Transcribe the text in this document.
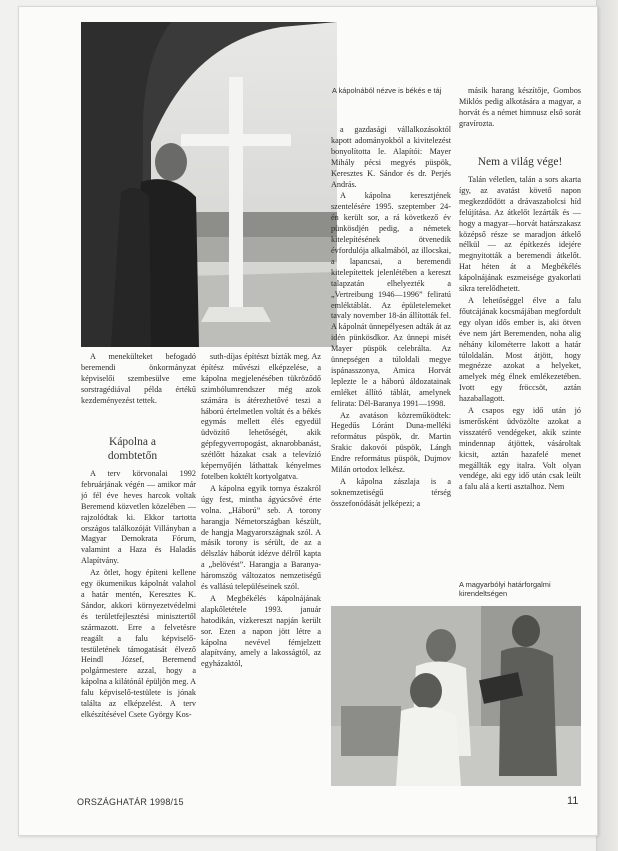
A kápolnából nézve is békés e táj

A menekülteket befogadó beremendi önkormányzat képviselői szembesülve eme sorstragédiával példa értékű kezdeményezést tettek.

Kápolna a dombtetőn

A terv körvonalai 1992 februárjának végén — amikor már jó fél éve heves harcok voltak Beremend közvetlen közelében — rajzolódtak ki. Ekkor tartotta országos találkozóját Villányban a Magyar Demokrata Fórum, valamint a Haza és Haladás Alapítvány.

Az ötlet, hogy építeni kellene egy ökumenikus kápolnát valahol a határ mentén, Keresztes K. Sándor, akkori környezetvédelmi és területfejlesztési minisztertől származott. Erre a felvetésre reagált a falu képviselő-testületének támogatását élvező Heindl József, Beremend polgármestere azzal, hogy a kápolna a kilátónál épüljön meg. A falu képviselő-testülete is jónak találta az elképzelést. A terv elkészítésével Csete György Kos-

suth-díjas építészt bízták meg. Az építész művészi elképzelése, a kápolna megjelenésében tükröződő szimbólumrendszer még azok számára is átérezhetővé teszi a háború értelmetlen voltát és a békés egymás mellett élés egyedül üdvözítő lehetőségét, akik gépfegyverropogást, aknarobbanást, szétlőtt házakat csak a televízió képernyőjén láthattak kényelmes fotelben koktélt kortyolgatva.

A kápolna egyik tornya északról úgy fest, mintha ágyúcsővé érte volna. „Háború” seb. A torony harangja Németországban készült, de hangja Magyarországnak szól. A másik torony is sérült, de az a délszláv háborút idézve délről kapta a „belövést”. Harangja a Baranya-háromszög változatos nemzetiségű és vallású településeinek szól.

A Megbékélés kápolnájának alapkőletétele 1993. január hatodikán, vízkereszt napján került sor. Ezen a napon jött létre a kápolna nevével fémjelzett alapítvány, amely a lakosságtól, az egyházaktól,

a gazdasági vállalkozásoktól kapott adományokból a kivitelezést bonyolította le. Alapítói: Mayer Mihály pécsi megyés püspök, Keresztes K. Sándor és dr. Perjés András.

A kápolna keresztjének szentelésére 1995. szeptember 24-én került sor, a rá következő év pünkösdjén pedig, a németek kitelepítésének ötvenedik évfordulója alkalmából, az illocskai, a lapancsai, a beremendi kitelepítettek jelenlétében a kereszt talapzatán elhelyezték a „Vertreibung 1946—1996” feliratú emléktáblát. Az épületelemeket tavaly november 18-án állították fel. A kápolnát ünnepélyesen adták át az idén pünkösdkor. Az ünnepi misét Mayer püspök celebrálta. Az ünnepségen a túloldali megye ispánasszonya, Amica Horvát leplezte le a háború áldozatainak emléket állító táblát, amelynek felirata: Dél-Baranya 1991—1998.

Az avatáson közreműködtek: Hegedűs Lóránt Duna-melléki református püspök, dr. Martin Srakic dakovói püspök, Lángh Endre református püspök, Dujmov Milán ortodox lelkész.

A kápolna zászlaja is a soknemzetiségű térség összefonódását jelképezi; a

másik harang készítője, Gombos Miklós pedig alkotására a magyar, a horvát és a német himnusz első sorát gravírozta.

Nem a világ vége!

Talán véletlen, talán a sors akarta így, az avatást követő napon megkezdődött a drávaszabolcsi híd felújítása. Az átkelőt lezárták és — hogy a magyar—horvát határszakasz középső része se maradjon átkelő nélkül — az építkezés idejére megnyitották a beremendi átkelőt. Hat héten át a Megbékélés kápolnájának eszmeisége gyakorlati síkra terelődhetett.

A lehetőséggel élve a falu főutcájának kocsmájában megfordult egy olyan idős ember is, aki ötven éve nem járt Beremenden, noha alig néhány kilométerre lakott a határ túloldalán. Most átjött, hogy megnézze azokat a helyeket, amelyek még élnek emlékezetében. Ivott egy fröccsöt, aztán hazaballagott.

A csapos egy idő után jó ismerősként üdvözölte azokat a visszatérő vendégeket, akik szinte mindennap átjöttek, vásároltak kicsit, aztán hazafelé menet megállták egy italra. Volt olyan vendége, aki egy idő után csak leült a falu alá a kerti asztalhoz. Nem

A magyarbólyi határforgalmi kirendeltségen
ORSZÁGHATÁR 1998/15	11
